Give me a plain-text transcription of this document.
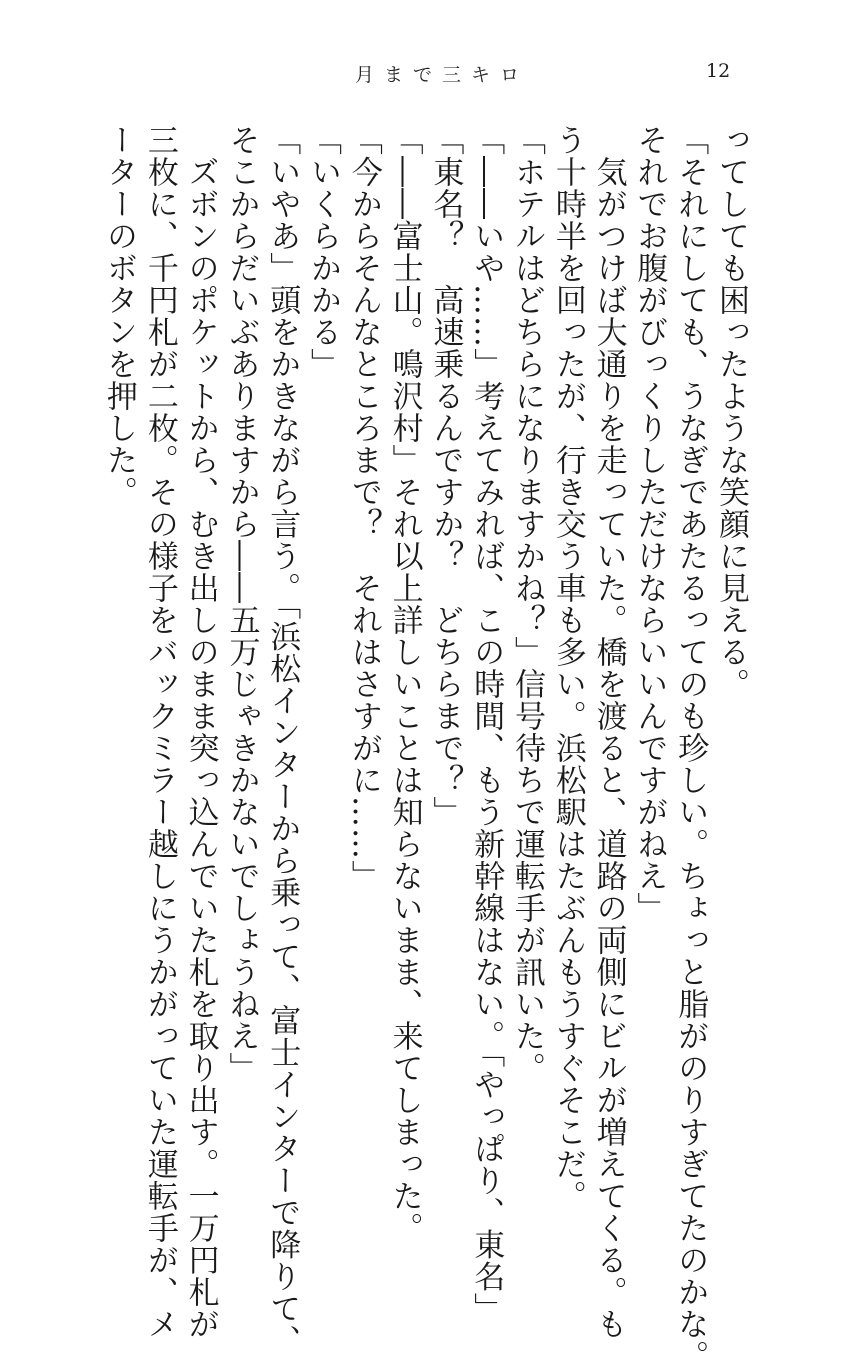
月まで三キロ	12
ってしても困ったような笑顔に見える。
「それにしても、うなぎであたるってのも珍しい。ちょっと脂がのりすぎてたのかな。
それでお腹がびっくりしただけならいいんですがねえ」
気がつけば大通りを走っていた。橋を渡ると、道路の両側にビルが増えてくる。も
う十時半を回ったが、行き交う車も多い。浜松駅はたぶんもうすぐそこだ。
「ホテルはどちらになりますかね？」信号待ちで運転手が訊いた。
「――いや……」考えてみれば、この時間、もう新幹線はない。「やっぱり、東名」
「東名？　高速乗るんですか？　どちらまで？」
「――富士山。鳴沢村」それ以上詳しいことは知らないまま、来てしまった。
「今からそんなところまで？　それはさすがに……」
「いくらかかる」
「いやあ」頭をかきながら言う。「浜松インターから乗って、富士インターで降りて、
そこからだいぶありますから――五万じゃきかないでしょうねえ」
ズボンのポケットから、むき出しのまま突っ込んでいた札を取り出す。一万円札が
三枚に、千円札が二枚。その様子をバックミラー越しにうかがっていた運転手が、メ
ーターのボタンを押した。
